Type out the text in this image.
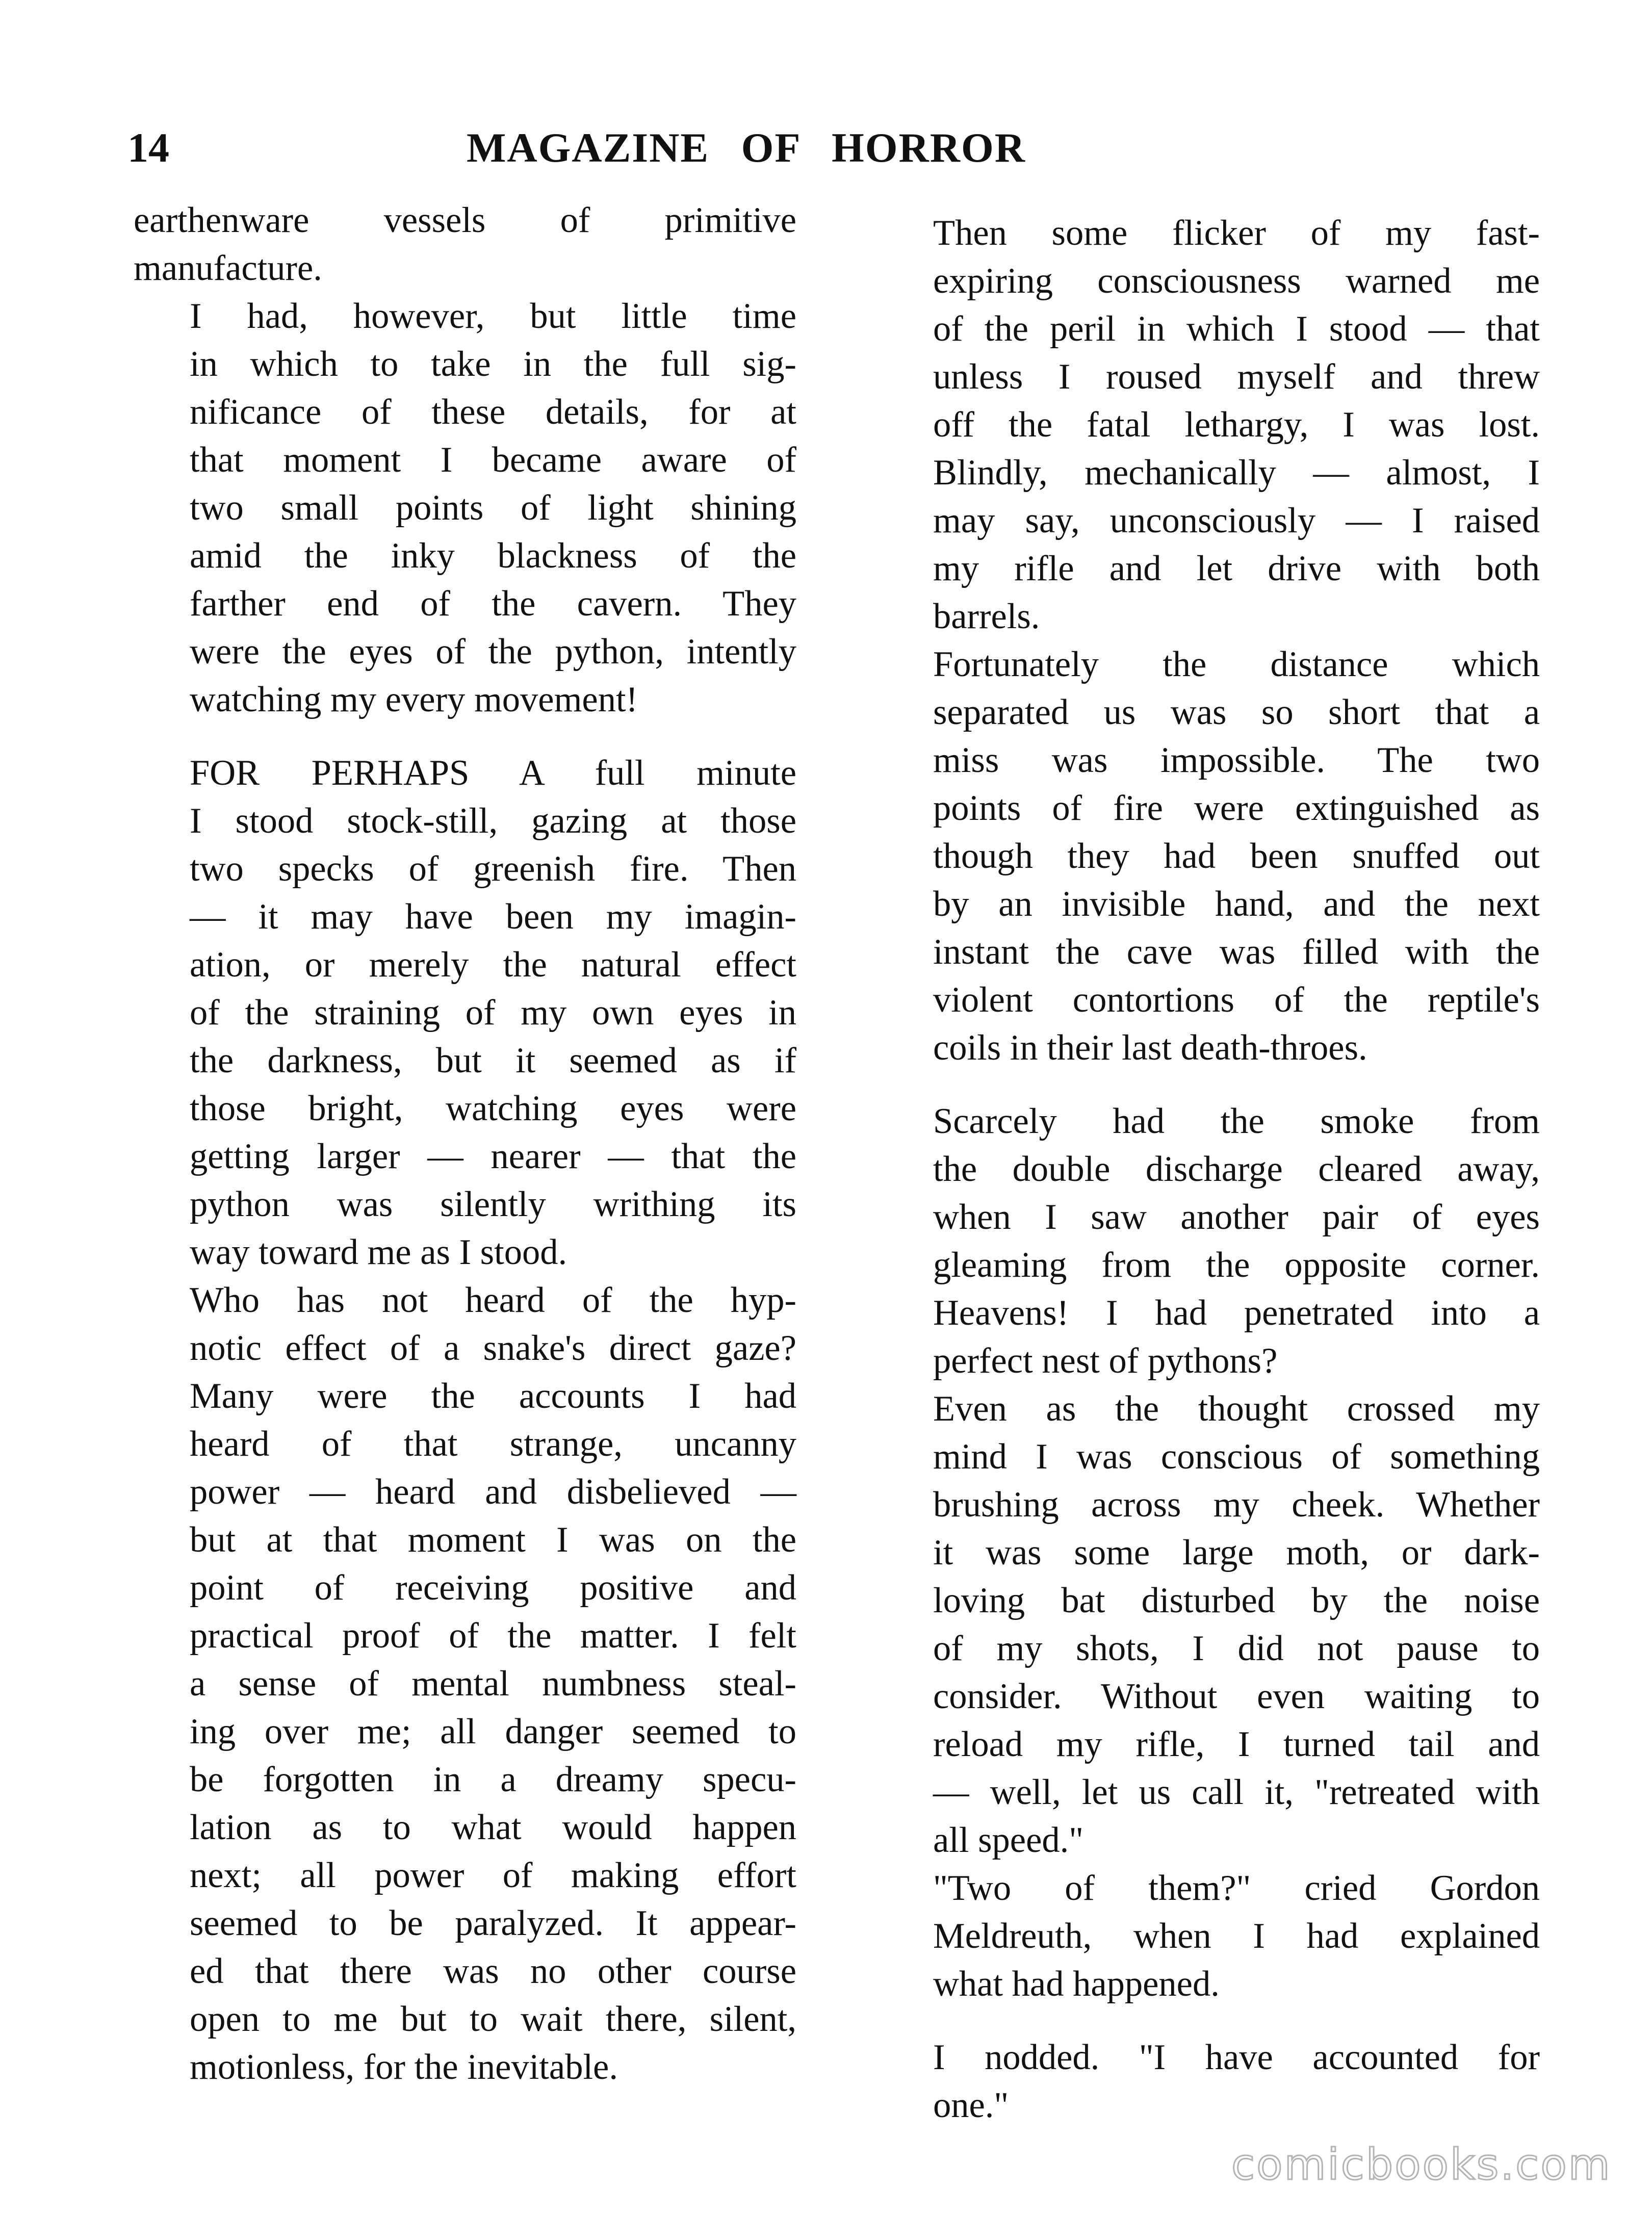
14	MAGAZINE OF HORROR

earthenware vessels of primitive
manufacture.

I had, however, but little time
in which to take in the full sig-
nificance of these details, for at
that moment I became aware of
two small points of light shining
amid the inky blackness of the
farther end of the cavern. They
were the eyes of the python, intently
watching my every movement!

FOR PERHAPS A full minute
I stood stock-still, gazing at those
two specks of greenish fire. Then
— it may have been my imagin-
ation, or merely the natural effect
of the straining of my own eyes in
the darkness, but it seemed as if
those bright, watching eyes were
getting larger — nearer — that the
python was silently writhing its
way toward me as I stood.

Who has not heard of the hyp-
notic effect of a snake's direct gaze?
Many were the accounts I had
heard of that strange, uncanny
power — heard and disbelieved —
but at that moment I was on the
point of receiving positive and
practical proof of the matter. I felt
a sense of mental numbness steal-
ing over me; all danger seemed to
be forgotten in a dreamy specu-
lation as to what would happen
next; all power of making effort
seemed to be paralyzed. It appear-
ed that there was no other course
open to me but to wait there, silent,
motionless, for the inevitable.

Then some flicker of my fast-
expiring consciousness warned me
of the peril in which I stood — that
unless I roused myself and threw
off the fatal lethargy, I was lost.
Blindly, mechanically — almost, I
may say, unconsciously — I raised
my rifle and let drive with both
barrels.

Fortunately the distance which
separated us was so short that a
miss was impossible. The two
points of fire were extinguished as
though they had been snuffed out
by an invisible hand, and the next
instant the cave was filled with the
violent contortions of the reptile's
coils in their last death-throes.

Scarcely had the smoke from
the double discharge cleared away,
when I saw another pair of eyes
gleaming from the opposite corner.
Heavens! I had penetrated into a
perfect nest of pythons?

Even as the thought crossed my
mind I was conscious of something
brushing across my cheek. Whether
it was some large moth, or dark-
loving bat disturbed by the noise
of my shots, I did not pause to
consider. Without even waiting to
reload my rifle, I turned tail and
— well, let us call it, "retreated with
all speed."

"Two of them?" cried Gordon
Meldreuth, when I had explained
what had happened.

I nodded. "I have accounted for
one."

comicbooks.com
